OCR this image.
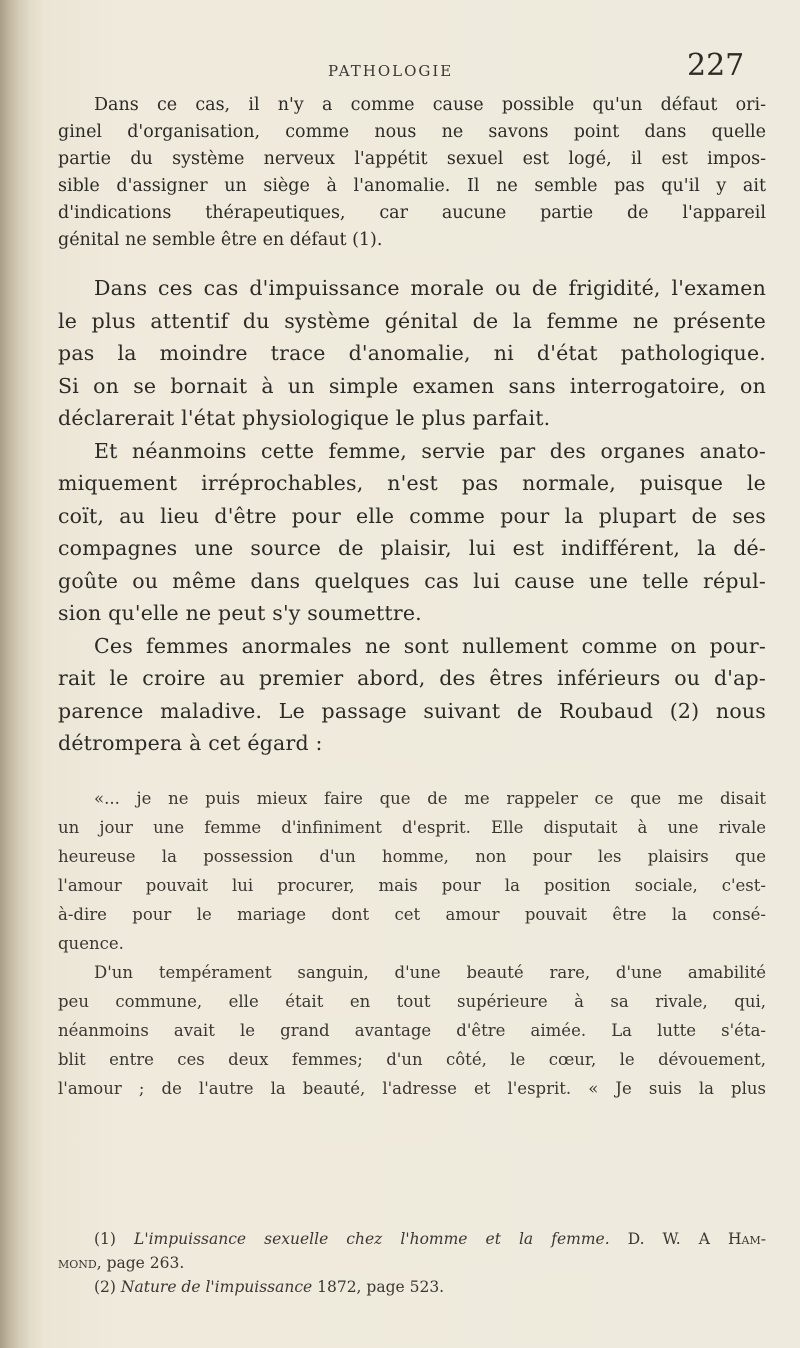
PATHOLOGIE	227
Dans ce cas, il n'y a comme cause possible qu'un défaut ori-
ginel d'organisation, comme nous ne savons point dans quelle
partie du système nerveux l'appétit sexuel est logé, il est impos-
sible d'assigner un siège à l'anomalie. Il ne semble pas qu'il y ait
d'indications thérapeutiques, car aucune partie de l'appareil
génital ne semble être en défaut (1).
Dans ces cas d'impuissance morale ou de frigidité, l'examen
le plus attentif du système génital de la femme ne présente
pas la moindre trace d'anomalie, ni d'état pathologique.
Si on se bornait à un simple examen sans interrogatoire, on
déclarerait l'état physiologique le plus parfait.
Et néanmoins cette femme, servie par des organes anato-
miquement irréprochables, n'est pas normale, puisque le
coït, au lieu d'être pour elle comme pour la plupart de ses
compagnes une source de plaisir, lui est indifférent, la dé-
goûte ou même dans quelques cas lui cause une telle répul-
sion qu'elle ne peut s'y soumettre.
Ces femmes anormales ne sont nullement comme on pour-
rait le croire au premier abord, des êtres inférieurs ou d'ap-
parence maladive. Le passage suivant de Roubaud (2) nous
détrompera à cet égard :
«... je ne puis mieux faire que de me rappeler ce que me disait
un jour une femme d'infiniment d'esprit. Elle disputait à une rivale
heureuse la possession d'un homme, non pour les plaisirs que
l'amour pouvait lui procurer, mais pour la position sociale, c'est-
à-dire pour le mariage dont cet amour pouvait être la consé-
quence.
D'un tempérament sanguin, d'une beauté rare, d'une amabilité
peu commune, elle était en tout supérieure à sa rivale, qui,
néanmoins avait le grand avantage d'être aimée. La lutte s'éta-
blit entre ces deux femmes; d'un côté, le cœur, le dévouement,
l'amour ; de l'autre la beauté, l'adresse et l'esprit. « Je suis la plus
(1) L'impuissance sexuelle chez l'homme et la femme. D. W. A Ham-
mond, page 263.
(2) Nature de l'impuissance 1872, page 523.
